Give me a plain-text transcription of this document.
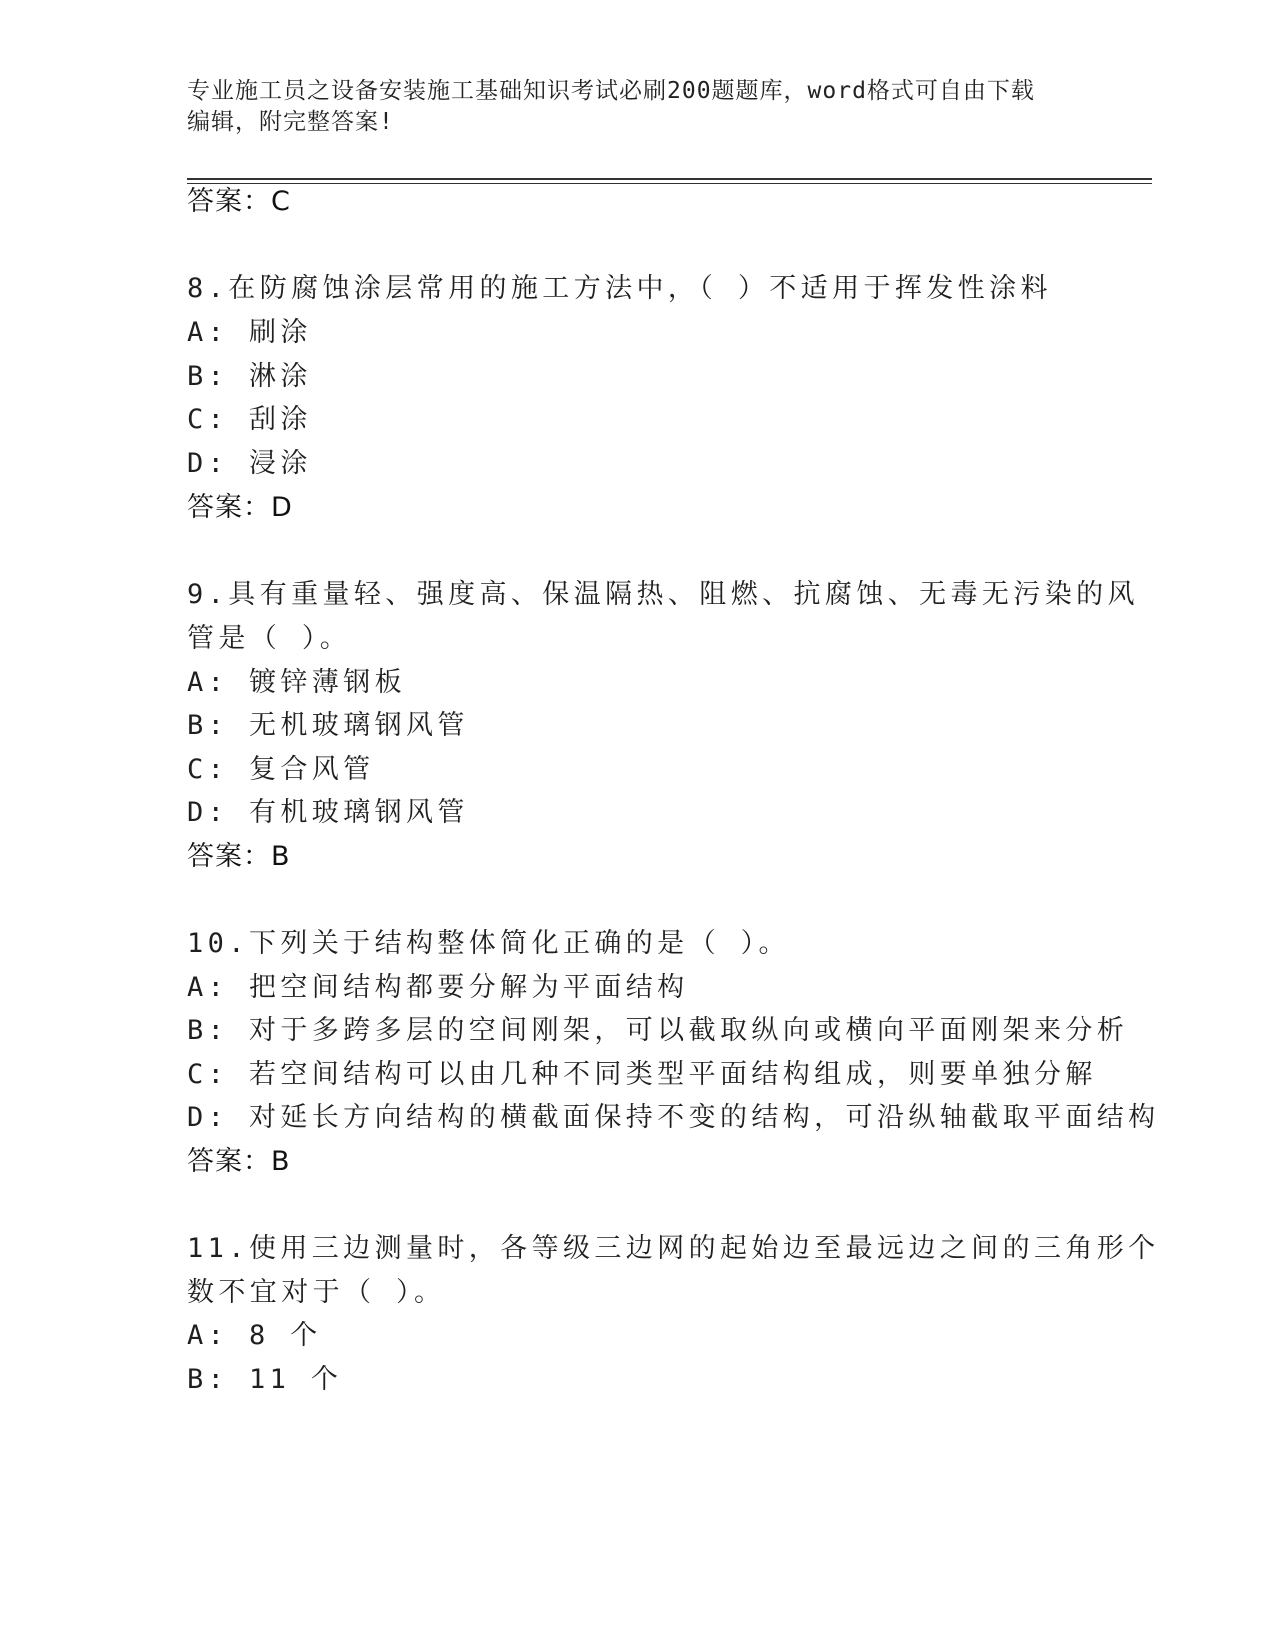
专业施工员之设备安装施工基础知识考试必刷200题题库，word格式可自由下载
编辑，附完整答案!
答案：C
8.在防腐蚀涂层常用的施工方法中，（ ）不适用于挥发性涂料
A: 刷涂
B: 淋涂
C: 刮涂
D: 浸涂
答案：D
9.具有重量轻、强度高、保温隔热、阻燃、抗腐蚀、无毒无污染的风
管是（ ）。
A: 镀锌薄钢板
B: 无机玻璃钢风管
C: 复合风管
D: 有机玻璃钢风管
答案：B
10.下列关于结构整体简化正确的是（ ）。
A: 把空间结构都要分解为平面结构
B: 对于多跨多层的空间刚架，可以截取纵向或横向平面刚架来分析
C: 若空间结构可以由几种不同类型平面结构组成，则要单独分解
D: 对延长方向结构的横截面保持不变的结构，可沿纵轴截取平面结构
答案：B
11.使用三边测量时，各等级三边网的起始边至最远边之间的三角形个
数不宜对于（ ）。
A: 8 个
B: 11 个
